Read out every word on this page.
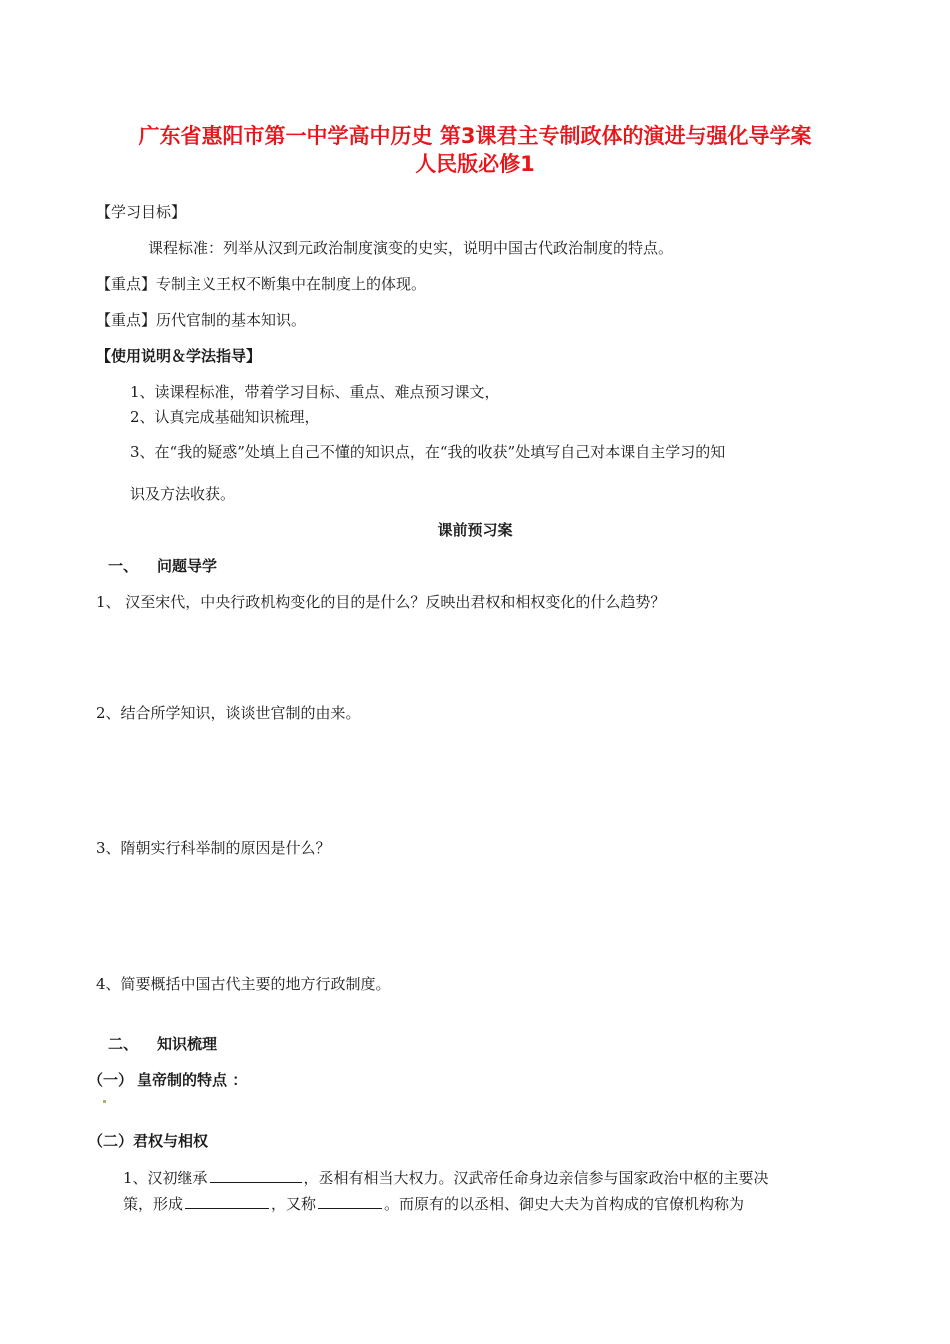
广东省惠阳市第一中学高中历史 第3课君主专制政体的演进与强化导学案
人民版必修1
【学习目标】
课程标准：列举从汉到元政治制度演变的史实，说明中国古代政治制度的特点。
【重点】专制主义王权不断集中在制度上的体现。
【重点】历代官制的基本知识。
【使用说明＆学法指导】
1、读课程标准，带着学习目标、重点、难点预习课文，
2、认真完成基础知识梳理，
3、在“我的疑惑”处填上自己不懂的知识点，在“我的收获”处填写自己对本课自主学习的知
识及方法收获。
课前预习案
一、 问题导学
1、 汉至宋代，中央行政机构变化的目的是什么？反映出君权和相权变化的什么趋势？
2、结合所学知识，谈谈世官制的由来。
3、隋朝实行科举制的原因是什么？
4、简要概括中国古代主要的地方行政制度。
二、 知识梳理
（一） 皇帝制的特点 ：
（二）君权与相权
1、汉初继承	，丞相有相当大权力。汉武帝任命身边亲信参与国家政治中枢的主要决
策，形成	，又称	。而原有的以丞相、御史大夫为首构成的官僚机构称为
